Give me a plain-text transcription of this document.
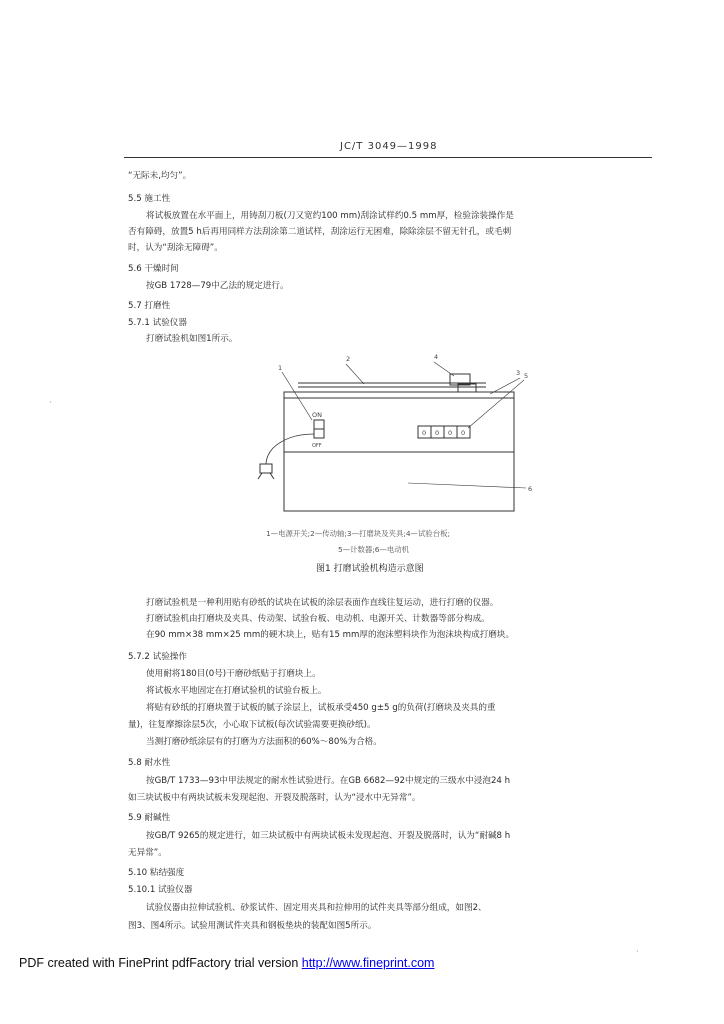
JC/T 3049—1998
“无际未,均匀”。
5.5 施工性
将试板放置在水平面上，用铸刮刀板(刀又宽约100 mm)刮涂试样约0.5 mm厚，检验涂装操作是
否有障碍，放置5 h后再用同样方法刮涂第二道试样，刮涂运行无困难，除除涂层不留无针孔，或毛刺
时，认为“刮涂无障碍”。
5.6 干燥时间
按GB 1728—79中乙法的规定进行。
5.7 打磨性
5.7.1 试验仪器
打磨试验机如图1所示。
·
2	4
3
1
6
5
ON
OFF
0 0 0 0
1—电源开关;2—传动轴;3—打磨块及夹具;4—试验台板;
5—计数器;6—电动机
图1 打磨试验机构造示意图
打磨试验机是一种利用贴有砂纸的试块在试板的涂层表面作直线往复运动，进行打磨的仪器。
打磨试验机由打磨块及夹具、传动架、试验台板、电动机、电源开关、计数器等部分构成。
在90 mm×38 mm×25 mm的硬木块上，贴有15 mm厚的泡沫塑料块作为泡沫块构成打磨块。
5.7.2 试验操作
使用耐将180目(0号)干磨砂纸贴于打磨块上。
将试板水平地固定在打磨试验机的试验台板上。
将贴有砂纸的打磨块置于试板的腻子涂层上，试板承受450 g±5 g的负荷(打磨块及夹具的重
量)，往复摩擦涂层5次，小心取下试板(每次试验需要更换砂纸)。
当测打磨砂纸涂层有的打磨为方法面积的60%～80%为合格。
5.8 耐水性
按GB/T 1733—93中甲法规定的耐水性试验进行。在GB 6682—92中规定的三级水中浸泡24 h
如三块试板中有两块试板未发现起泡、开裂及脱落时，认为“浸水中无异常”。
5.9 耐碱性
按GB/T 9265的规定进行，如三块试板中有两块试板未发现起泡、开裂及脱落时，认为“耐碱8 h
无异常”。
5.10 粘结强度
5.10.1 试验仪器
试验仪器由拉伸试验机、砂浆试件、固定用夹具和拉伸用的试件夹具等部分组成，如图2、
图3、图4所示。试验用测试件夹具和钢板垫块的装配如图5所示。
·
PDF created with FinePrint pdfFactory trial version http://www.fineprint.com
